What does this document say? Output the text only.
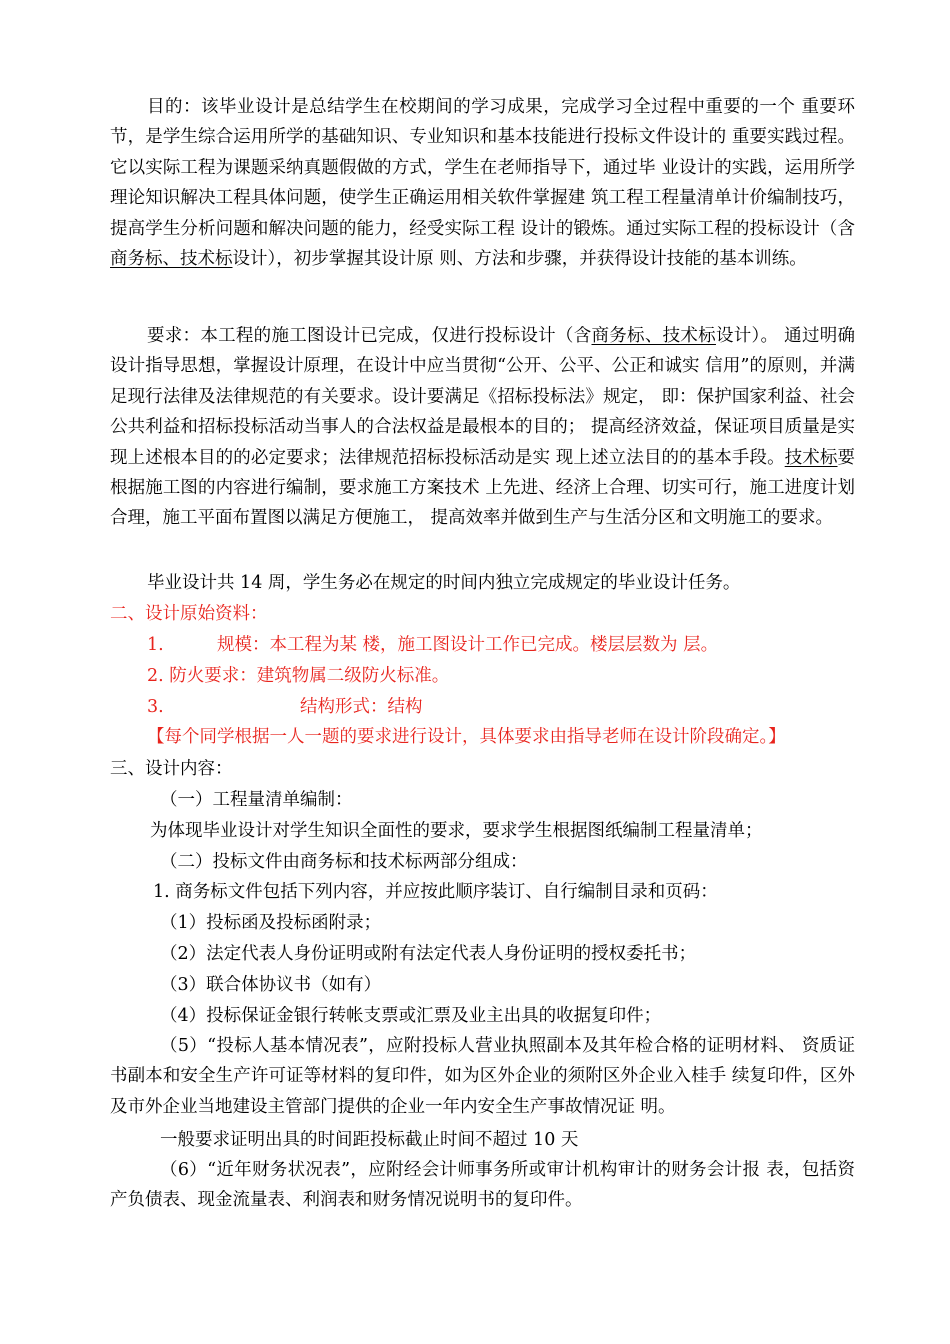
目的：该毕业设计是总结学生在校期间的学习成果，完成学习全过程中重要的一个 重要环节，是学生综合运用所学的基础知识、专业知识和基本技能进行投标文件设计的 重要实践过程。它以实际工程为课题采纳真题假做的方式，学生在老师指导下，通过毕 业设计的实践，运用所学理论知识解决工程具体问题，使学生正确运用相关软件掌握建 筑工程工程量清单计价编制技巧，提高学生分析问题和解决问题的能力，经受实际工程 设计的锻炼。通过实际工程的投标设计（含商务标、技术标设计），初步掌握其设计原 则、方法和步骤，并获得设计技能的基本训练。

要求：本工程的施工图设计已完成，仅进行投标设计（含商务标、技术标设计）。 通过明确设计指导思想，掌握设计原理，在设计中应当贯彻“公开、公平、公正和诚实 信用”的原则，并满足现行法律及法律规范的有关要求。设计要满足《招标投标法》规定， 即：保护国家利益、社会公共利益和招标投标活动当事人的合法权益是最根本的目的； 提高经济效益，保证项目质量是实现上述根本目的的必定要求；法律规范招标投标活动是实 现上述立法目的的基本手段。技术标要根据施工图的内容进行编制，要求施工方案技术 上先进、经济上合理、切实可行，施工进度计划合理，施工平面布置图以满足方便施工， 提高效率并做到生产与生活分区和文明施工的要求。

毕业设计共 14 周，学生务必在规定的时间内独立完成规定的毕业设计任务。
二、设计原始资料：
1.	规模：本工程为某 楼，施工图设计工作已完成。楼层层数为 层。
2. 防火要求：建筑物属二级防火标准。
3.	结构形式：结构
【每个同学根据一人一题的要求进行设计，具体要求由指导老师在设计阶段确定。】
三、设计内容：
（一）工程量清单编制：
为体现毕业设计对学生知识全面性的要求，要求学生根据图纸编制工程量清单；
（二）投标文件由商务标和技术标两部分组成：
1. 商务标文件包括下列内容，并应按此顺序装订、自行编制目录和页码：
（1）投标函及投标函附录；
（2）法定代表人身份证明或附有法定代表人身份证明的授权委托书；
（3）联合体协议书（如有）
（4）投标保证金银行转帐支票或汇票及业主出具的收据复印件；

（5）“投标人基本情况表”，应附投标人营业执照副本及其年检合格的证明材料、 资质证书副本和安全生产许可证等材料的复印件，如为区外企业的须附区外企业入桂手 续复印件，区外及市外企业当地建设主管部门提供的企业一年内安全生产事故情况证 明。

一般要求证明出具的时间距投标截止时间不超过 10 天

（6）“近年财务状况表”，应附经会计师事务所或审计机构审计的财务会计报 表，包括资产负债表、现金流量表、利润表和财务情况说明书的复印件。
